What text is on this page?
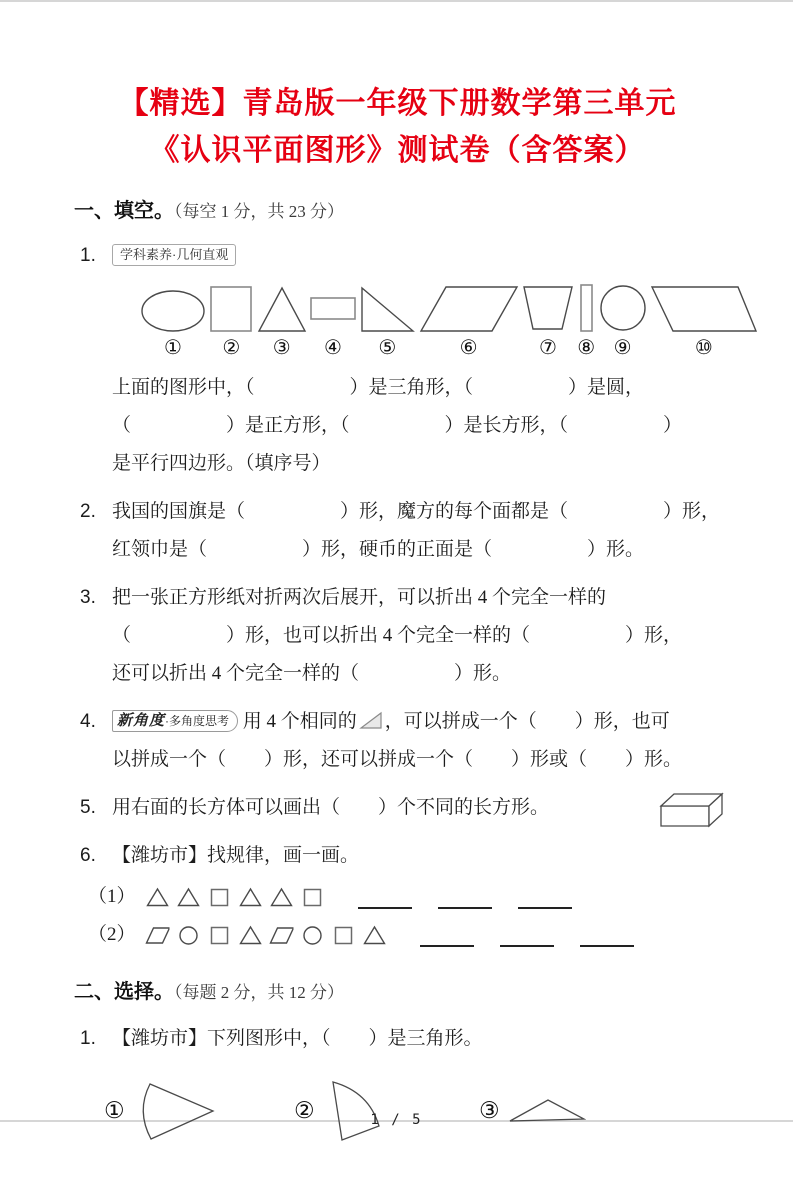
【精选】青岛版一年级下册数学第三单元
《认识平面图形》测试卷（含答案）
一、填空。（每空 1 分，共 23 分）
1. 学科素养·几何直观
① ② ③ ④ ⑤	⑥	⑦ ⑧ ⑨	⑩
上面的图形中，（　　　　　）是三角形，（　　　　　）是圆，
（　　　　　）是正方形，（　　　　　）是长方形，（　　　　　）
是平行四边形。（填序号）
2. 我国的国旗是（　　　　　）形，魔方的每个面都是（　　　　　）形，
红领巾是（　　　　　）形，硬币的正面是（　　　　　）形。
3. 把一张正方形纸对折两次后展开，可以折出 4 个完全一样的
（　　　　　）形，也可以折出 4 个完全一样的（　　　　　）形，
还可以折出 4 个完全一样的（　　　　　）形。
4.	新角度·多角度思考 用 4 个相同的 ，可以拼成一个（　　）形，也可
以拼成一个（　　）形，还可以拼成一个（　　）形或（　　）形。
5. 用右面的长方体可以画出（　　）个不同的长方形。
6. 【潍坊市】找规律，画一画。
（1）
（2）
二、选择。（每题 2 分，共 12 分）
1. 【潍坊市】下列图形中，（　　）是三角形。
①	②	③
1 / 5
